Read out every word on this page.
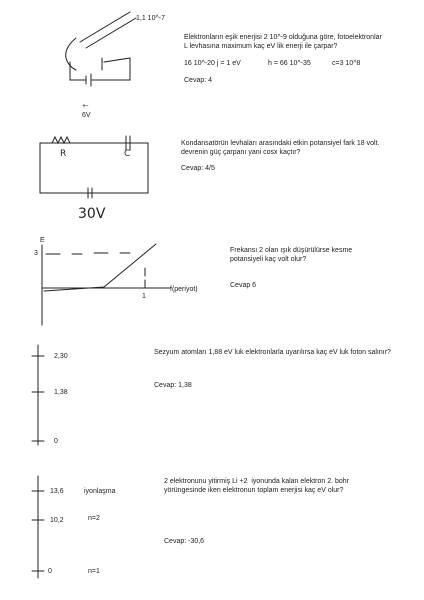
1,1 10^-7
+-
6V
Elektronların eşik enerjisi 2 10^-9 olduğuna göre, fotoelektronlar
L levhasına maximum kaç eV lik enerji ile çarpar?
16 10^-20 j = 1 eV	h = 66 10^-35	c=3 10^8
Cevap: 4
R	C
30V
Kondansatörün levhaları arasındaki etkin potansiyel fark 18 volt.
devrenin güç çarpanı yani cosx kaçtır?
Cevap: 4/5
E
3
1
f(periyot)
Frekansı 2 olan ışık düşürülürse kesme
potansiyeli kaç volt olur?
Cevap 6
2,30
1,38
0
Sezyum atomları 1,88 eV luk elektronlarla uyarılırsa kaç eV luk foton salınır?
Cevap: 1,38
13,6	iyonlaşma
10,2	n=2
0	n=1
2 elektronunu yitirmiş Li +2  iyonunda kalan elektron 2. bohr
yörüngesinde iken elektronun toplam enerjisi kaç eV olur?
Cevap: -30,6
